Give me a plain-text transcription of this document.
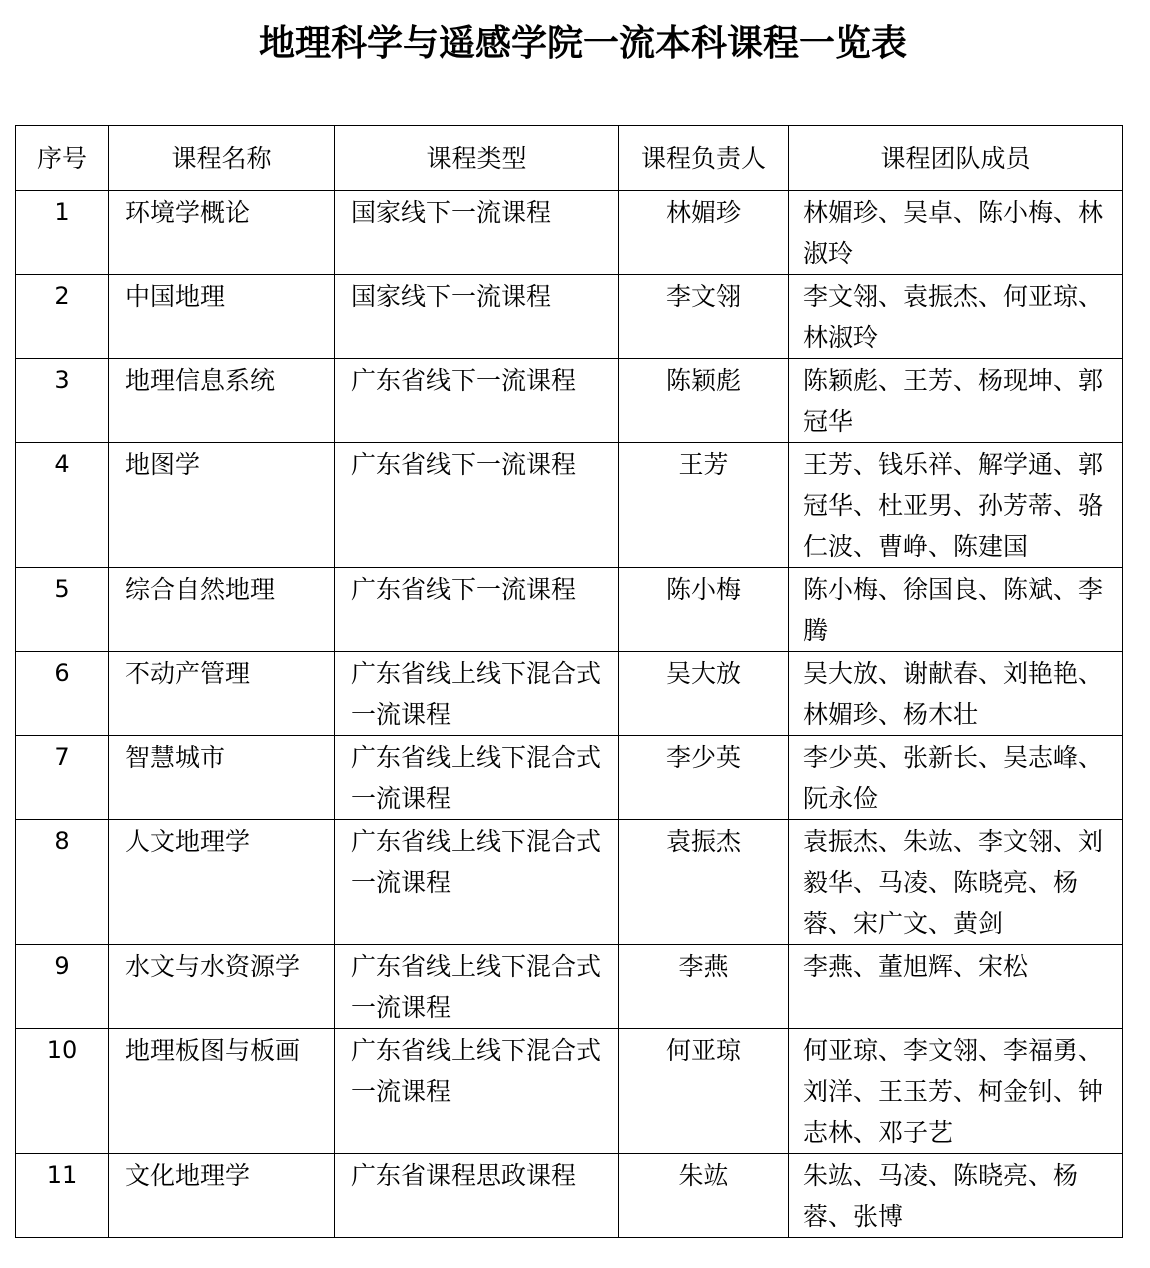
地理科学与遥感学院一流本科课程一览表
序号	课程名称	课程类型	课程负责人	课程团队成员
1	环境学概论	国家线下一流课程	林媚珍	林媚珍、吴卓、陈小梅、林淑玲
2	中国地理	国家线下一流课程	李文翎	李文翎、袁振杰、何亚琼、林淑玲
3	地理信息系统	广东省线下一流课程	陈颖彪	陈颖彪、王芳、杨现坤、郭冠华
4	地图学	广东省线下一流课程	王芳	王芳、钱乐祥、解学通、郭冠华、杜亚男、孙芳蒂、骆仁波、曹峥、陈建国
5	综合自然地理	广东省线下一流课程	陈小梅	陈小梅、徐国良、陈斌、李腾
6	不动产管理	广东省线上线下混合式一流课程	吴大放	吴大放、谢献春、刘艳艳、林媚珍、杨木壮
7	智慧城市	广东省线上线下混合式一流课程	李少英	李少英、张新长、吴志峰、阮永俭
8	人文地理学	广东省线上线下混合式一流课程	袁振杰	袁振杰、朱竑、李文翎、刘毅华、马凌、陈晓亮、杨蓉、宋广文、黄剑
9	水文与水资源学	广东省线上线下混合式一流课程	李燕	李燕、董旭辉、宋松
10	地理板图与板画	广东省线上线下混合式一流课程	何亚琼	何亚琼、李文翎、李福勇、刘洋、王玉芳、柯金钊、钟志林、邓子艺
11	文化地理学	广东省课程思政课程	朱竑	朱竑、马凌、陈晓亮、杨蓉、张博
